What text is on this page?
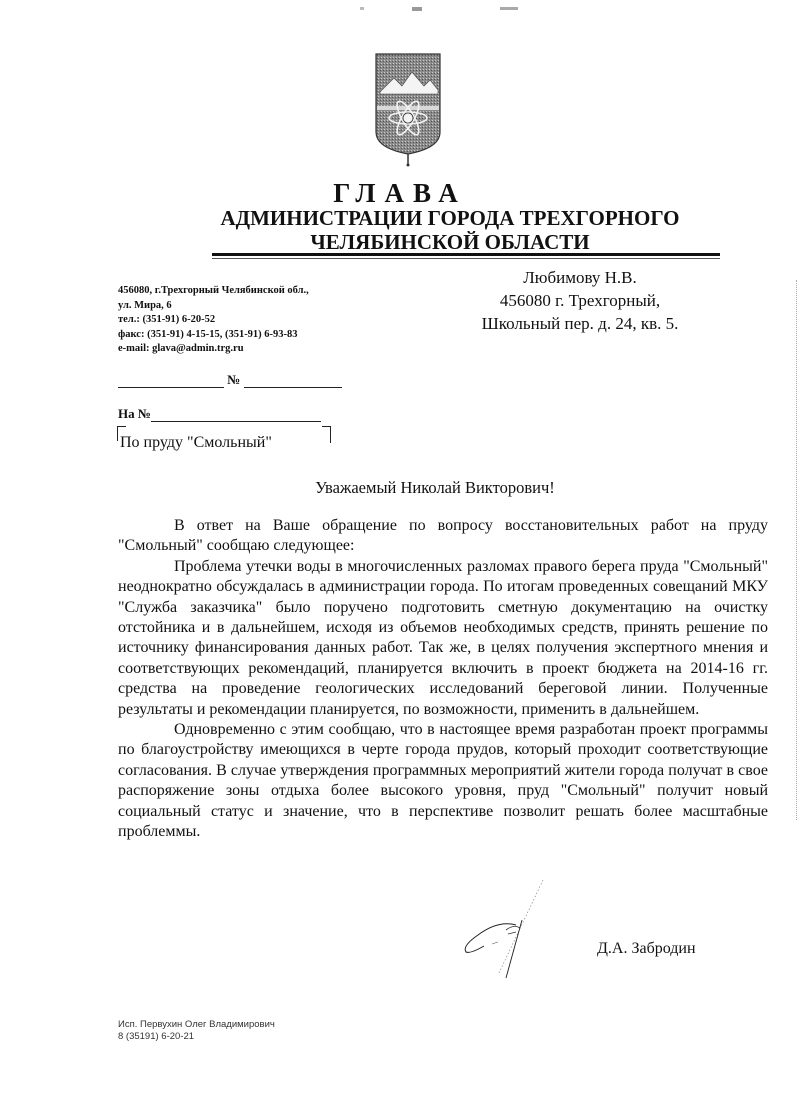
ГЛАВА
АДМИНИСТРАЦИИ ГОРОДА ТРЕХГОРНОГО
ЧЕЛЯБИНСКОЙ ОБЛАСТИ
456080, г.Трехгорный Челябинской обл.,
ул. Мира, 6
тел.: (351-91) 6-20-52
факс: (351-91) 4-15-15, (351-91) 6-93-83
e-mail: glava@admin.trg.ru
Любимову Н.В.
456080 г. Трехгорный,
Школьный пер. д. 24, кв. 5.
№
На №
По пруду "Смольный"
Уважаемый Николай Викторович!

В ответ на Ваше обращение по вопросу восстановительных работ на пруду "Смольный" сообщаю следующее:

Проблема утечки воды в многочисленных разломах правого берега пруда "Смольный" неоднократно обсуждалась в администрации города. По итогам проведенных совещаний МКУ "Служба заказчика" было поручено подготовить сметную документацию на очистку отстойника и в дальнейшем, исходя из объемов необходимых средств, принять решение по источнику финансирования данных работ. Так же, в целях получения экспертного мнения и соответствующих рекомендаций, планируется включить в проект бюджета на 2014-16 гг. средства на проведение геологических исследований береговой линии. Полученные результаты и рекомендации планируется, по возможности, применить в дальнейшем.

Одновременно с этим сообщаю, что в настоящее время разработан проект программы по благоустройству имеющихся в черте города прудов, который проходит соответствующие согласования. В случае утверждения программных мероприятий жители города получат в свое распоряжение зоны отдыха более высокого уровня, пруд "Смольный" получит новый социальный статус и значение, что в перспективе позволит решать более масштабные проблеммы.

Д.А. Забродин
Исп. Первухин Олег Владимирович
8 (35191) 6-20-21
